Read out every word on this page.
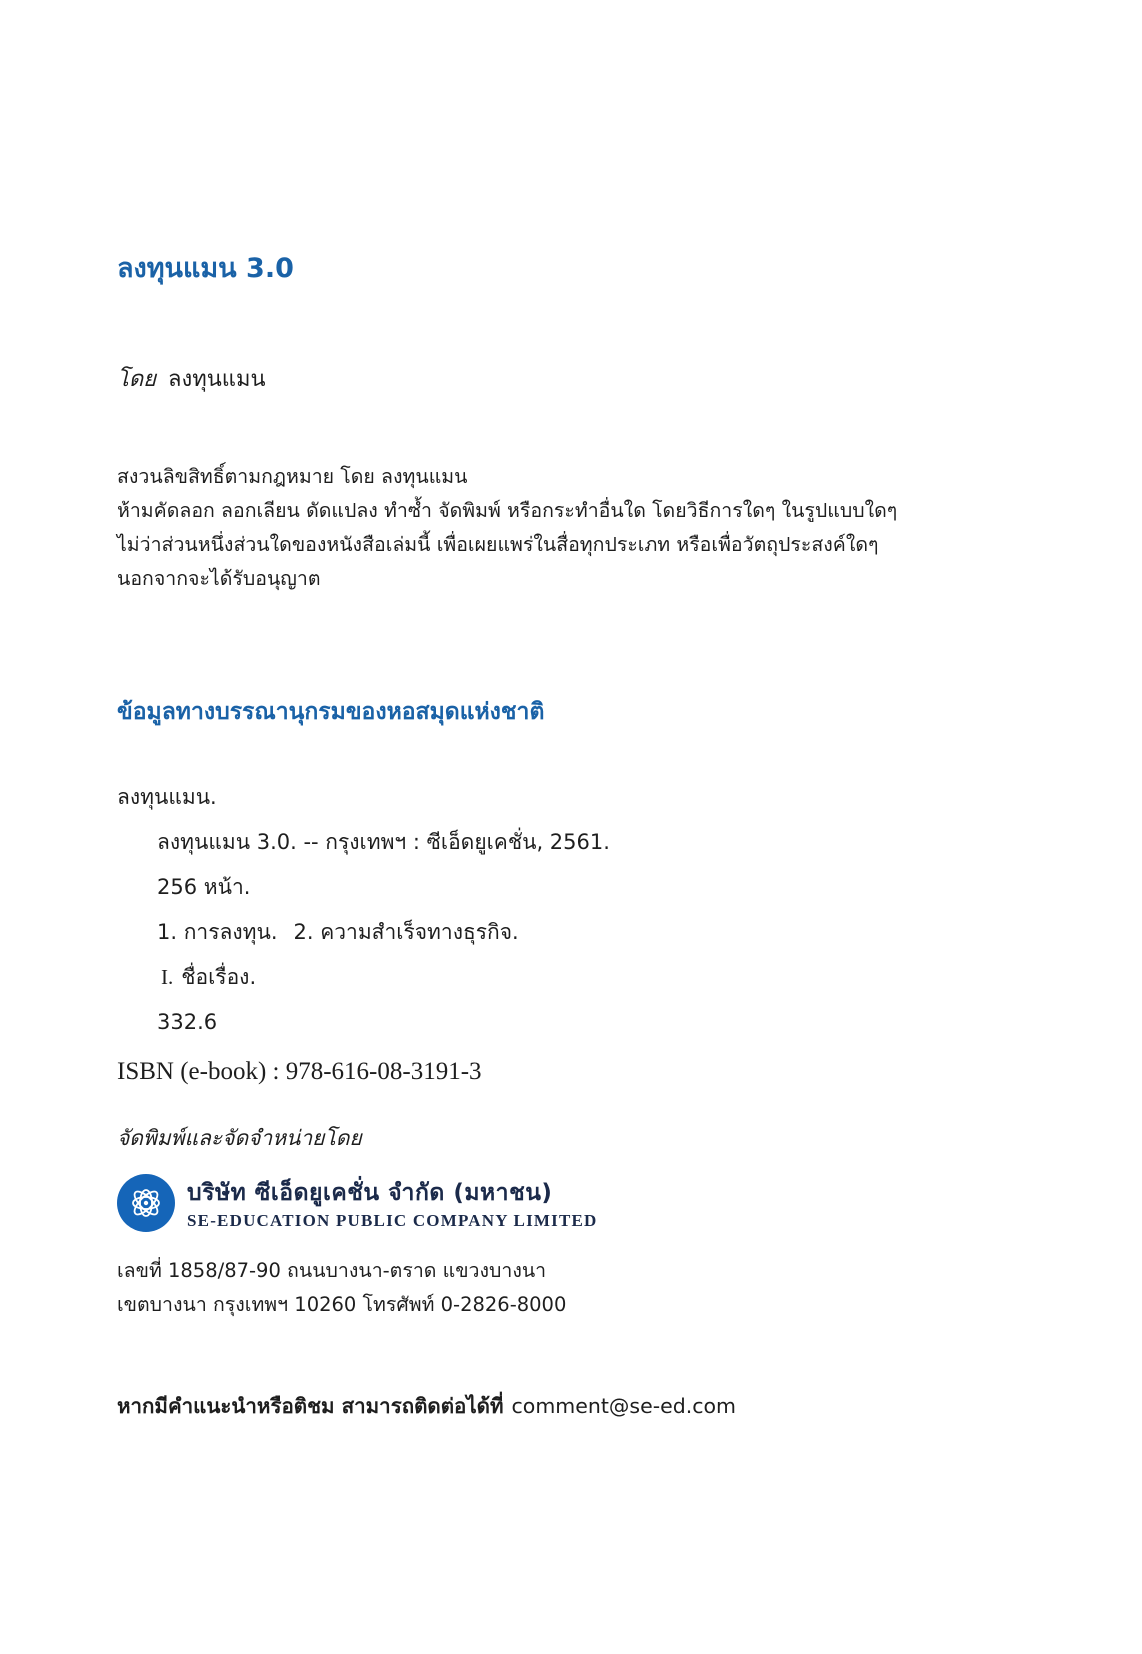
ลงทุนแมน 3.0
โดย ลงทุนแมน
สงวนลิขสิทธิ์ตามกฎหมาย โดย ลงทุนแมน
ห้ามคัดลอก ลอกเลียน ดัดแปลง ทำซ้ำ จัดพิมพ์ หรือกระทำอื่นใด โดยวิธีการใดๆ ในรูปแบบใดๆ
ไม่ว่าส่วนหนึ่งส่วนใดของหนังสือเล่มนี้ เพื่อเผยแพร่ในสื่อทุกประเภท หรือเพื่อวัตถุประสงค์ใดๆ
นอกจากจะได้รับอนุญาต
ข้อมูลทางบรรณานุกรมของหอสมุดแห่งชาติ
ลงทุนแมน.
ลงทุนแมน 3.0. -- กรุงเทพฯ : ซีเอ็ดยูเคชั่น, 2561.
256 หน้า.
1. การลงทุน. 2. ความสำเร็จทางธุรกิจ.
I. ชื่อเรื่อง.
332.6
ISBN (e-book) : 978-616-08-3191-3
จัดพิมพ์และจัดจำหน่ายโดย
บริษัท ซีเอ็ดยูเคชั่น จำกัด (มหาชน)
SE-EDUCATION PUBLIC COMPANY LIMITED
เลขที่ 1858/87-90 ถนนบางนา-ตราด แขวงบางนา
เขตบางนา กรุงเทพฯ 10260 โทรศัพท์ 0-2826-8000
หากมีคำแนะนำหรือติชม สามารถติดต่อได้ที่ comment@se-ed.com
